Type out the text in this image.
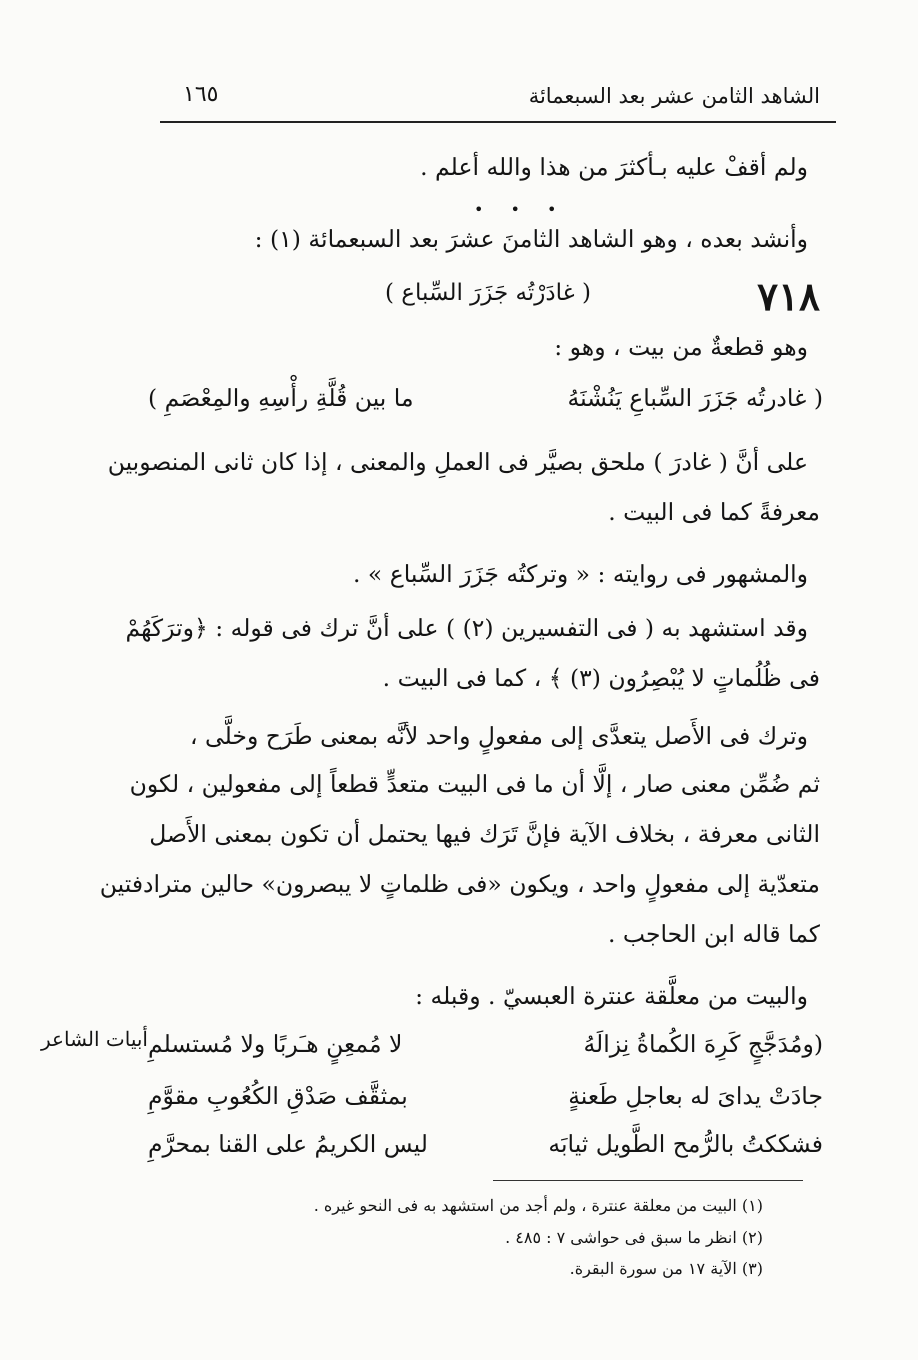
الشاهد الثامن عشر بعد السبعمائة
١٦٥
ولم أقفْ عليه بـأكثرَ من هذا والله أعلم .
• • •
وأنشد بعده ، وهو الشاهد الثامنَ عشرَ بعد السبعمائة (١) :
٧١٨
( غادَرْتُه جَزَرَ السِّباع )
وهو قطعةٌ من بيت ، وهو :
( غادرتُه جَزَرَ السِّباعِ يَنُشْنَهُ
ما بين قُلَّةِ رأْسِهِ والمِعْصَمِ )
على أنَّ ( غادرَ ) ملحق بصيَّر فى العملِ والمعنى ، إذا كان ثانى المنصوبين
معرفةً كما فى البيت .
والمشهور فى روايته : « وتركتُه جَزَرَ السِّباع » .
وقد استشهد به ( فى التفسيرين (٢) ) على أنَّ ترك فى قوله : ﴿وترَكَهُمْ
فى ظُلُماتٍ لا يُبْصِرُون (٣) ﴾ ، كما فى البيت .
وترك فى الأَصل يتعدَّى إلى مفعولٍ واحد لأنَّه بمعنى طَرَح وخلَّى ،
ثم ضُمِّن معنى صار ، إلَّا أن ما فى البيت متعدٍّ قطعاً إلى مفعولين ، لكون
الثانى معرفة ، بخلاف الآية فإنَّ تَرَك فيها يحتمل أن تكون بمعنى الأَصل
متعدّية إلى مفعولٍ واحد ، ويكون «فى ظلماتٍ لا يبصرون» حالين مترادفتين
كما قاله ابن الحاجب .
والبيت من معلَّقة عنترة العبسيّ . وقبله :
(ومُدَجَّجٍ كَرِهَ الكُماةُ نِزالَهُ
لا مُمعِنٍ هـَربًا ولا مُستسلمِ
أبيات الشاعر
جادَتْ يداىَ له بعاجلِ طَعنةٍ
بمثقَّف صَدْقِ الكُعُوبِ مقوَّمِ
فشككتُ بالرُّمح الطَّويل ثيابَه
ليس الكريمُ على القنا بمحرَّمِ
(١) البيت من معلقة عنترة ، ولم أجد من استشهد به فى النحو غيره .
(٢) انظر ما سبق فى حواشى ٧ : ٤٨٥ .
(٣) الآية ١٧ من سورة البقرة.
